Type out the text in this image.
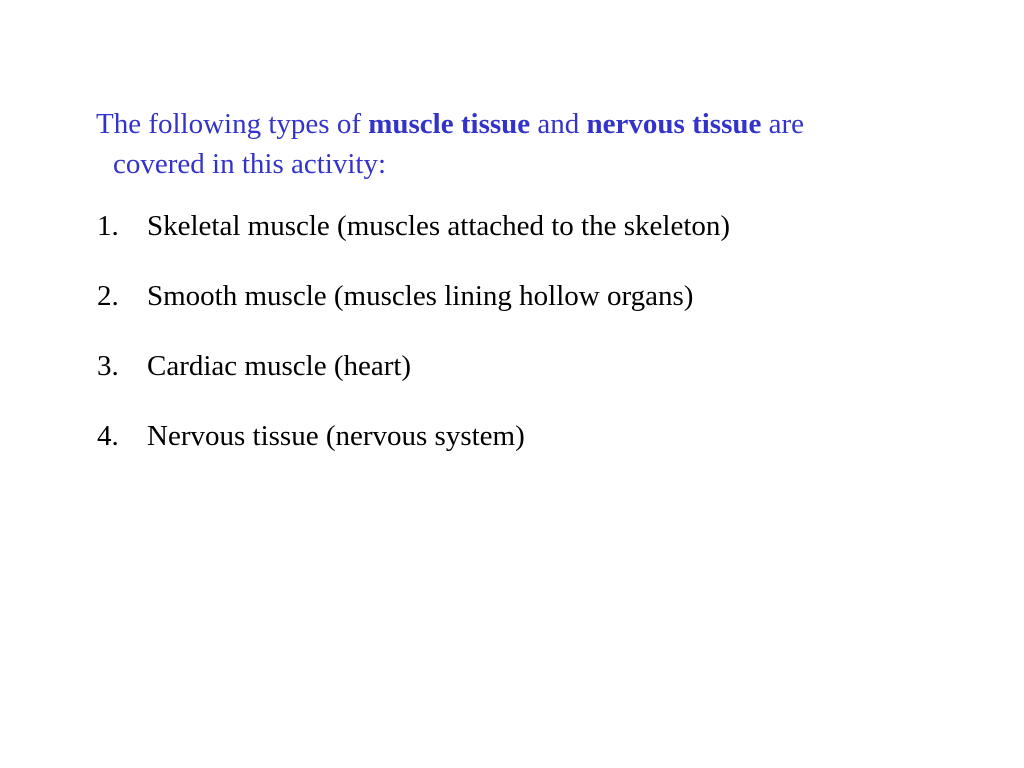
The following types of muscle tissue and nervous tissue are
covered in this activity:
1. Skeletal muscle (muscles attached to the skeleton)
2. Smooth muscle (muscles lining hollow organs)
3. Cardiac muscle (heart)
4. Nervous tissue (nervous system)
